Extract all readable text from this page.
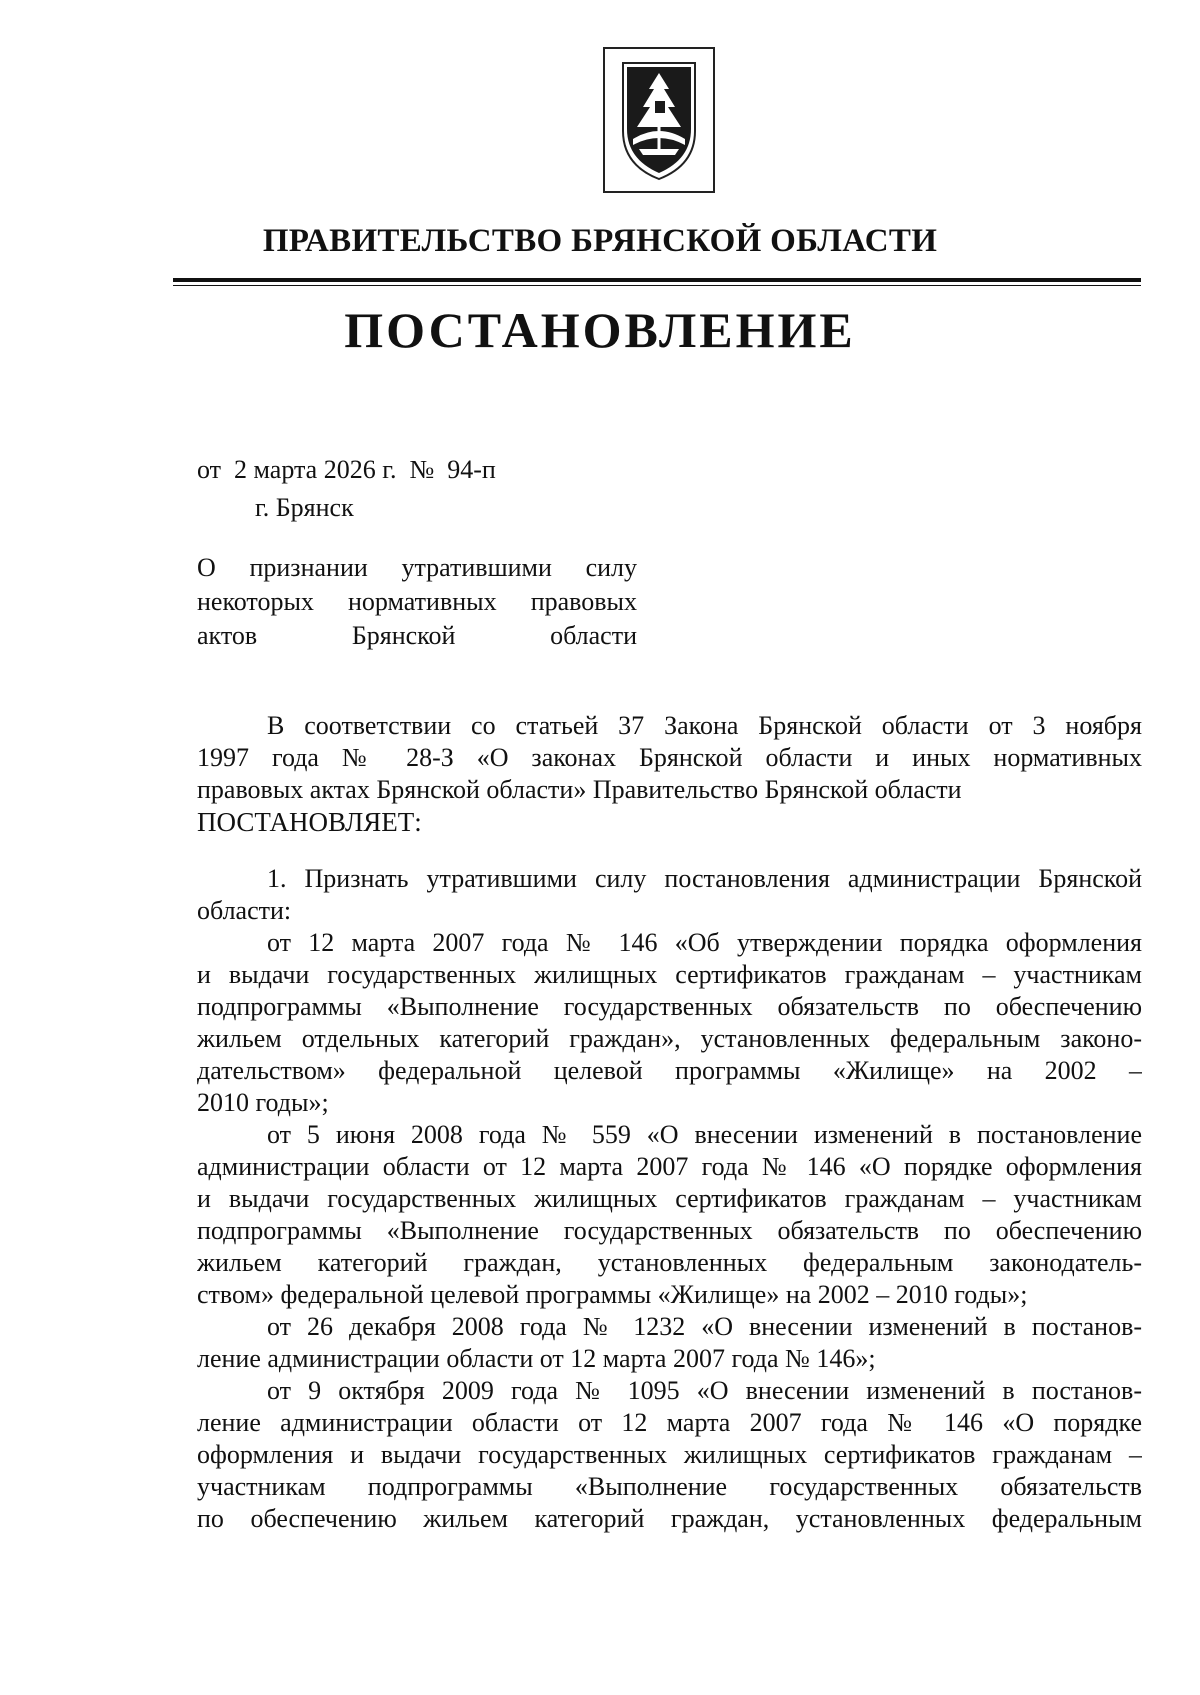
ПРАВИТЕЛЬСТВО БРЯНСКОЙ ОБЛАСТИ
ПОСТАНОВЛЕНИЕ
от  2 марта 2026 г.  №  94-п
г. Брянск
О признании утратившими силу
некоторых нормативных правовых
актов Брянской области
В соответствии со статьей 37 Закона Брянской области от 3 ноября
1997 года № 28-З «О законах Брянской области и иных нормативных
правовых актах Брянской области» Правительство Брянской области
ПОСТАНОВЛЯЕТ:
1. Признать утратившими силу постановления администрации Брянской
области:
от 12 марта 2007 года № 146 «Об утверждении порядка оформления
и выдачи государственных жилищных сертификатов гражданам – участникам
подпрограммы «Выполнение государственных обязательств по обеспечению
жильем отдельных категорий граждан», установленных федеральным законо-
дательством» федеральной целевой программы «Жилище» на 2002 –
2010 годы»;
от 5 июня 2008 года № 559 «О внесении изменений в постановление
администрации области от 12 марта 2007 года № 146 «О порядке оформления
и выдачи государственных жилищных сертификатов гражданам – участникам
подпрограммы «Выполнение государственных обязательств по обеспечению
жильем категорий граждан, установленных федеральным законодатель-
ством» федеральной целевой программы «Жилище» на 2002 – 2010 годы»;
от 26 декабря 2008 года № 1232 «О внесении изменений в постанов-
ление администрации области от 12 марта 2007 года № 146»;
от 9 октября 2009 года № 1095 «О внесении изменений в постанов-
ление администрации области от 12 марта 2007 года № 146 «О порядке
оформления и выдачи государственных жилищных сертификатов гражданам –
участникам подпрограммы «Выполнение государственных обязательств
по обеспечению жильем категорий граждан, установленных федеральным
